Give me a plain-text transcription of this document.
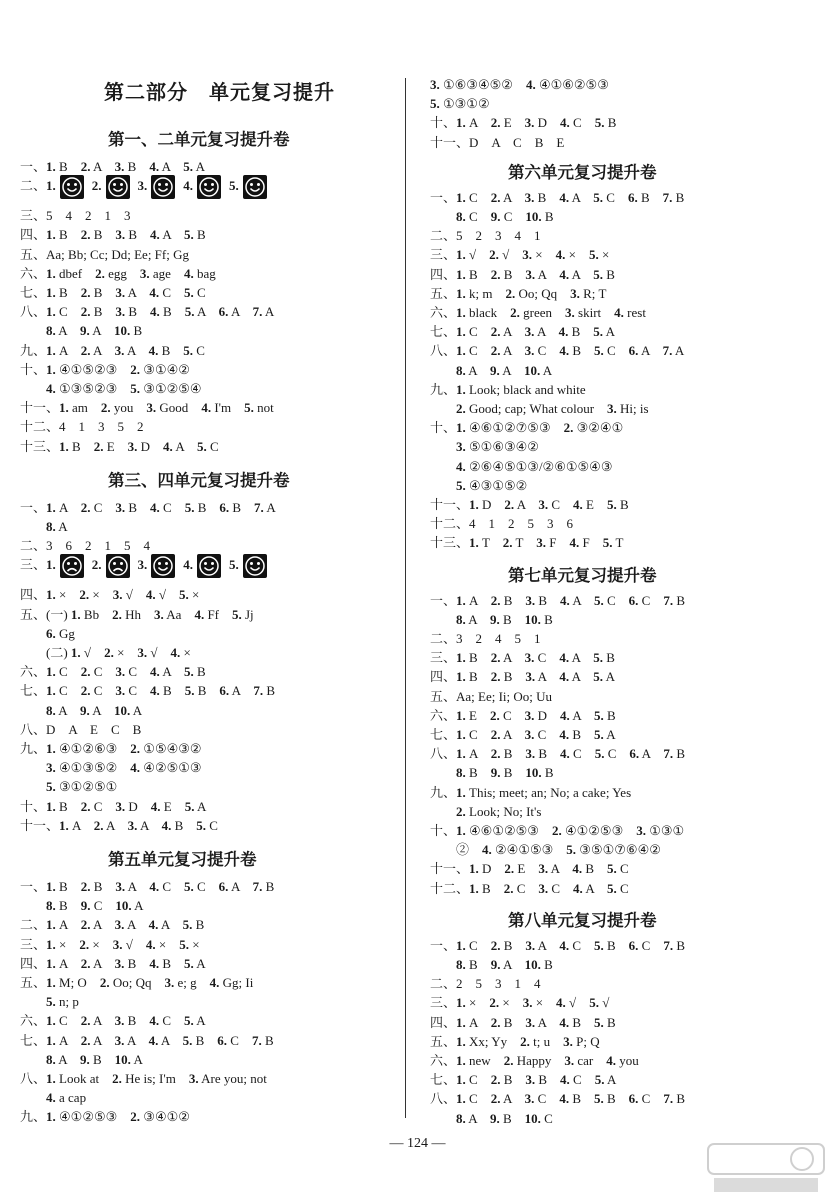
第二部分　单元复习提升
第一、二单元复习提升卷
一、1. B　2. A　3. B　4. A　5. A
二、1.	2.	3.	4.	5.
三、5　4　2　1　3
四、1. B　2. B　3. B　4. A　5. B
五、Aa; Bb; Cc; Dd; Ee; Ff; Gg
六、1. dbef　2. egg　3. age　4. bag
七、1. B　2. B　3. A　4. C　5. C
八、1. C　2. B　3. B　4. B　5. A　6. A　7. A
　　8. A　9. A　10. B
九、1. A　2. A　3. A　4. B　5. C
十、1. ④①⑤②③　2. ③①④②
　　4. ①③⑤②③　5. ③①②⑤④
十一、1. am　2. you　3. Good　4. I'm　5. not
十二、4　1　3　5　2
十三、1. B　2. E　3. D　4. A　5. C
第三、四单元复习提升卷
一、1. A　2. C　3. B　4. C　5. B　6. B　7. A
　　8. A
二、3　6　2　1　5　4
三、1.	2.	3.	4.	5.
四、1. ×　2. ×　3. √　4. √　5. ×
五、(一) 1. Bb　2. Hh　3. Aa　4. Ff　5. Jj
　　6. Gg
　　(二) 1. √　2. ×　3. √　4. ×
六、1. C　2. C　3. C　4. A　5. B
七、1. C　2. C　3. C　4. B　5. B　6. A　7. B
　　8. A　9. A　10. A
八、D　A　E　C　B
九、1. ④①②⑥③　2. ①⑤④③②
　　3. ④①③⑤②　4. ④②⑤①③
　　5. ③①②⑤①
十、1. B　2. C　3. D　4. E　5. A
十一、1. A　2. A　3. A　4. B　5. C
第五单元复习提升卷
一、1. B　2. B　3. A　4. C　5. C　6. A　7. B
　　8. B　9. C　10. A
二、1. A　2. A　3. A　4. A　5. B
三、1. ×　2. ×　3. √　4. ×　5. ×
四、1. A　2. A　3. B　4. B　5. A
五、1. M; O　2. Oo; Qq　3. e; g　4. Gg; Ii
　　5. n; p
六、1. C　2. A　3. B　4. C　5. A
七、1. A　2. A　3. A　4. A　5. B　6. C　7. B
　　8. A　9. B　10. A
八、1. Look at　2. He is; I'm　3. Are you; not
　　4. a cap
九、1. ④①②⑤③　2. ③④①②
3. ①⑥③④⑤②　4. ④①⑥②⑤③
5. ①③①②
十、1. A　2. E　3. D　4. C　5. B
十一、D　A　C　B　E
第六单元复习提升卷
一、1. C　2. A　3. B　4. A　5. C　6. B　7. B
　　8. C　9. C　10. B
二、5　2　3　4　1
三、1. √　2. √　3. ×　4. ×　5. ×
四、1. B　2. B　3. A　4. A　5. B
五、1. k; m　2. Oo; Qq　3. R; T
六、1. black　2. green　3. skirt　4. rest
七、1. C　2. A　3. A　4. B　5. A
八、1. C　2. A　3. C　4. B　5. C　6. A　7. A
　　8. A　9. A　10. A
九、1. Look; black and white
　　2. Good; cap; What colour　3. Hi; is
十、1. ④⑥①②⑦⑤③　2. ③②④①
　　3. ⑤①⑥③④②
　　4. ②⑥④⑤①③/②⑥①⑤④③
　　5. ④③①⑤②
十一、1. D　2. A　3. C　4. E　5. B
十二、4　1　2　5　3　6
十三、1. T　2. T　3. F　4. F　5. T
第七单元复习提升卷
一、1. A　2. B　3. B　4. A　5. C　6. C　7. B
　　8. A　9. B　10. B
二、3　2　4　5　1
三、1. B　2. A　3. C　4. A　5. B
四、1. B　2. B　3. A　4. A　5. A
五、Aa; Ee; Ii; Oo; Uu
六、1. E　2. C　3. D　4. A　5. B
七、1. C　2. A　3. C　4. B　5. A
八、1. A　2. B　3. B　4. C　5. C　6. A　7. B
　　8. B　9. B　10. B
九、1. This; meet; an; No; a cake; Yes
　　2. Look; No; It's
十、1. ④⑥①②⑤③　2. ④①②⑤③　3. ①③①
　　②　4. ②④①⑤③　5. ③⑤①⑦⑥④②
十一、1. D　2. E　3. A　4. B　5. C
十二、1. B　2. C　3. C　4. A　5. C
第八单元复习提升卷
一、1. C　2. B　3. A　4. C　5. B　6. C　7. B
　　8. B　9. A　10. B
二、2　5　3　1　4
三、1. ×　2. ×　3. ×　4. √　5. √
四、1. A　2. B　3. A　4. B　5. B
五、1. Xx; Yy　2. t; u　3. P; Q
六、1. new　2. Happy　3. car　4. you
七、1. C　2. B　3. B　4. C　5. A
八、1. C　2. A　3. C　4. B　5. B　6. C　7. B
　　8. A　9. B　10. C
— 124 —
